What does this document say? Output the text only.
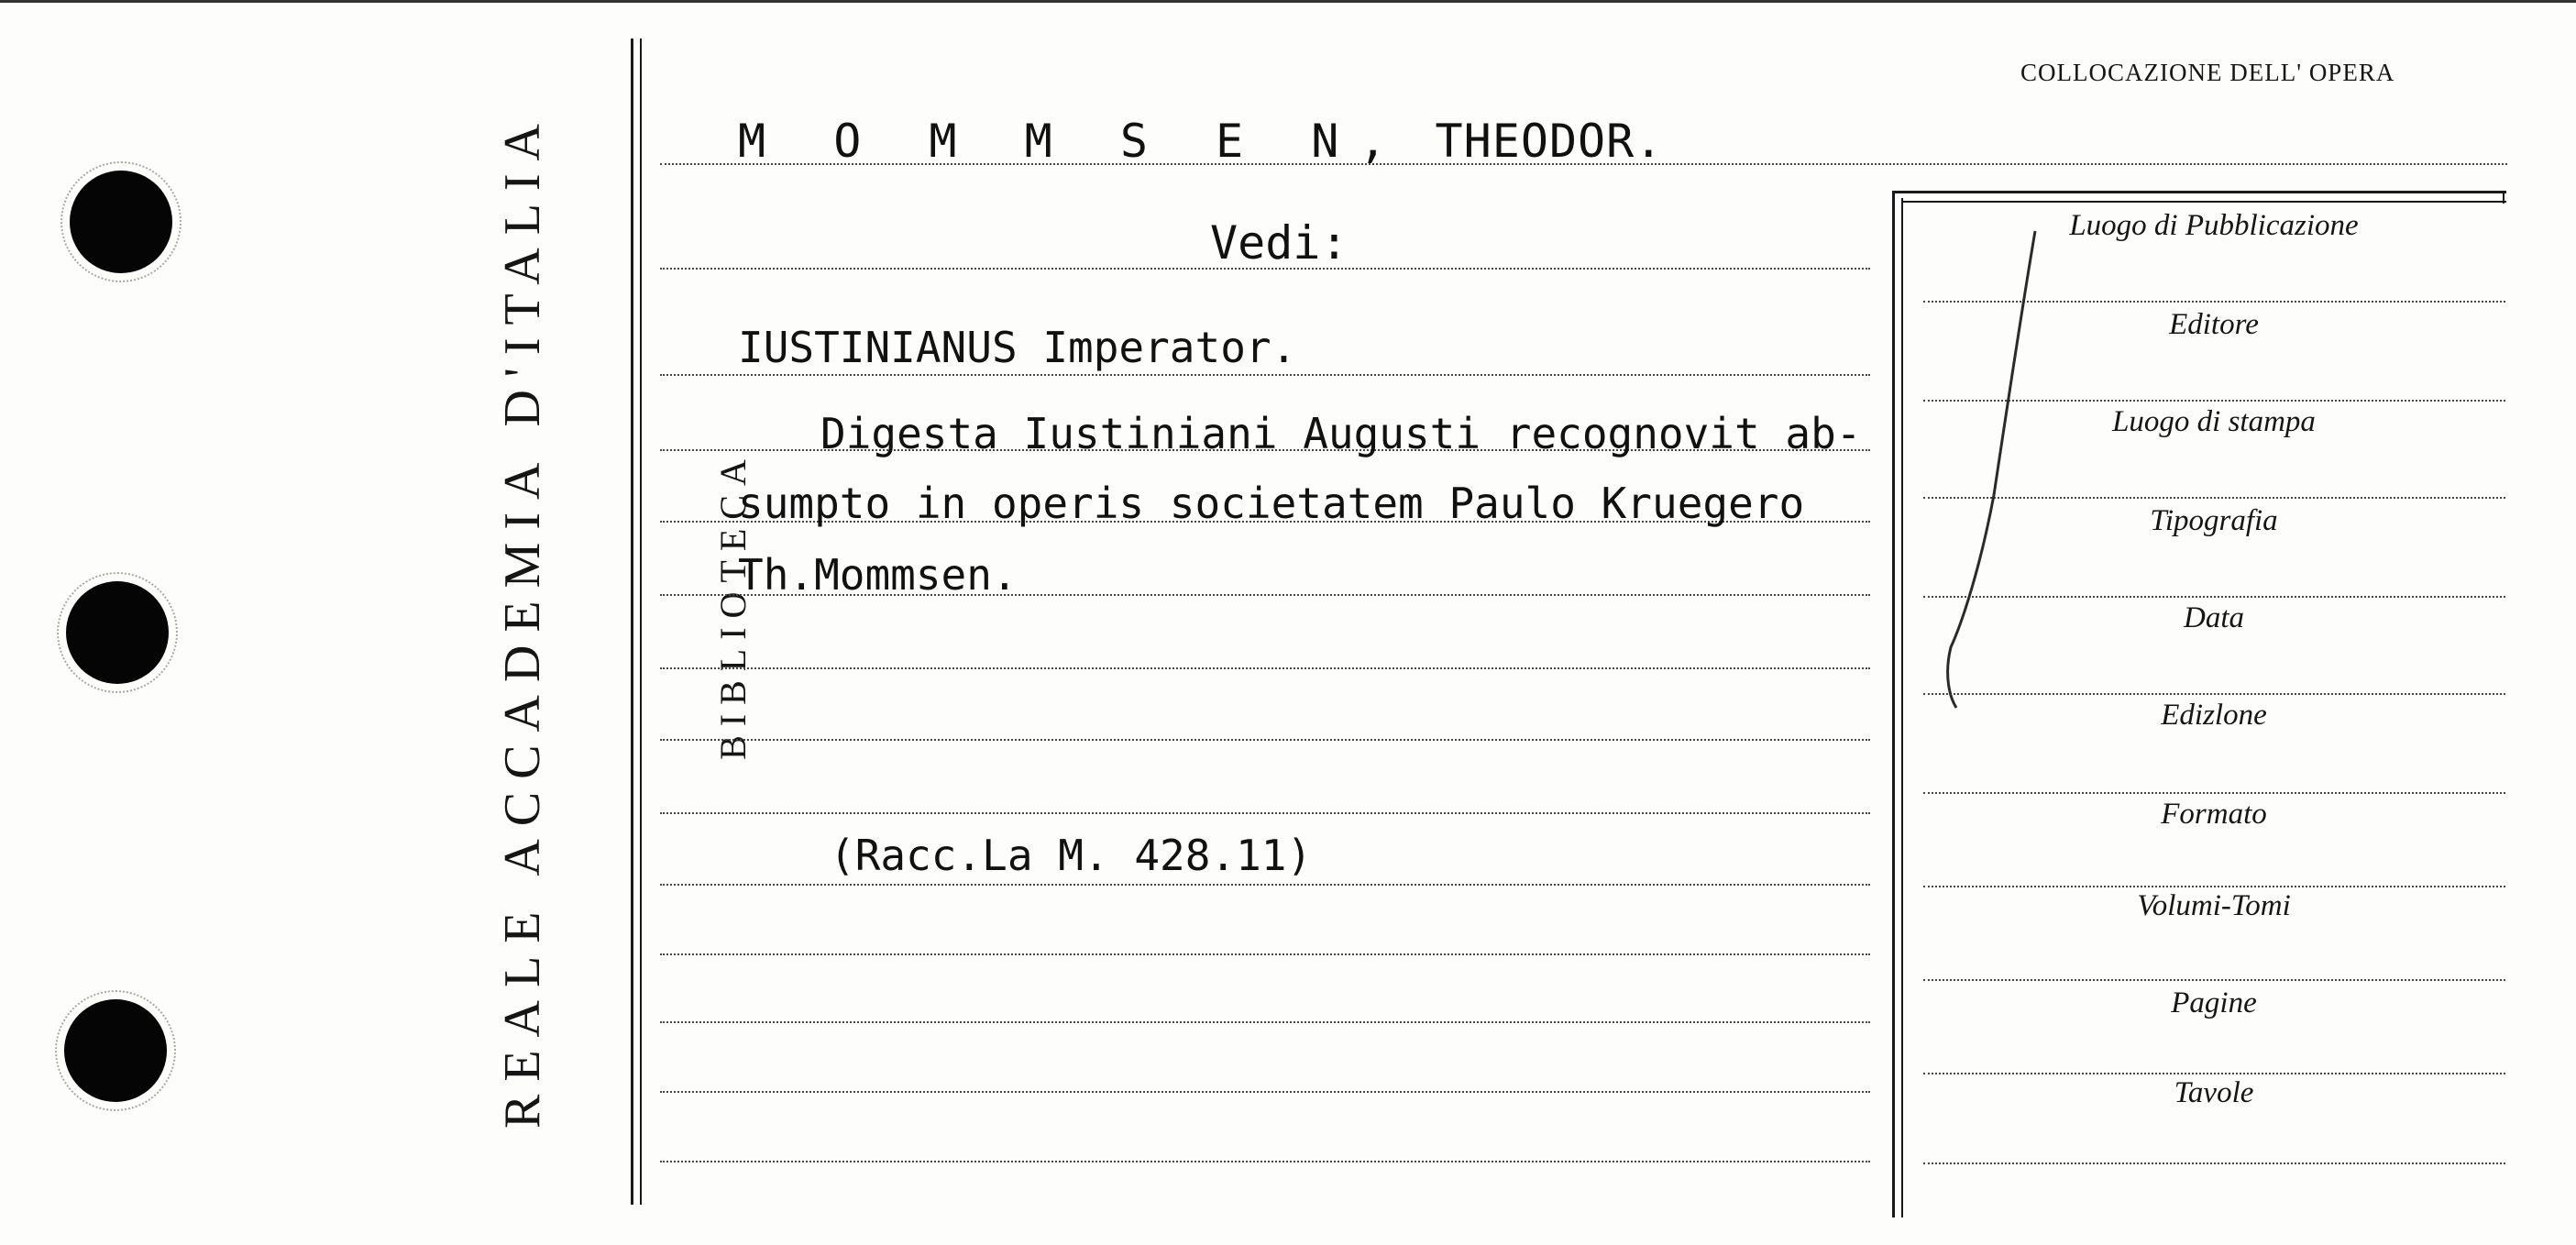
REALE ACCADEMIA D'ITALIA	BIBLIOTECA
COLLOCAZIONE DELL' OPERA
M O M M S E N, THEODOR.
Vedi:
IUSTINIANUS Imperator.
Digesta Iustiniani Augusti recognovit ab-
sumpto in operis societatem Paulo Kruegero
Th.Mommsen.
(Racc.La M. 428.11)
Luogo di Pubblicazione
Editore
Luogo di stampa
Tipografia
Data
Edizlone
Formato
Volumi-Tomi
Pagine
Tavole
